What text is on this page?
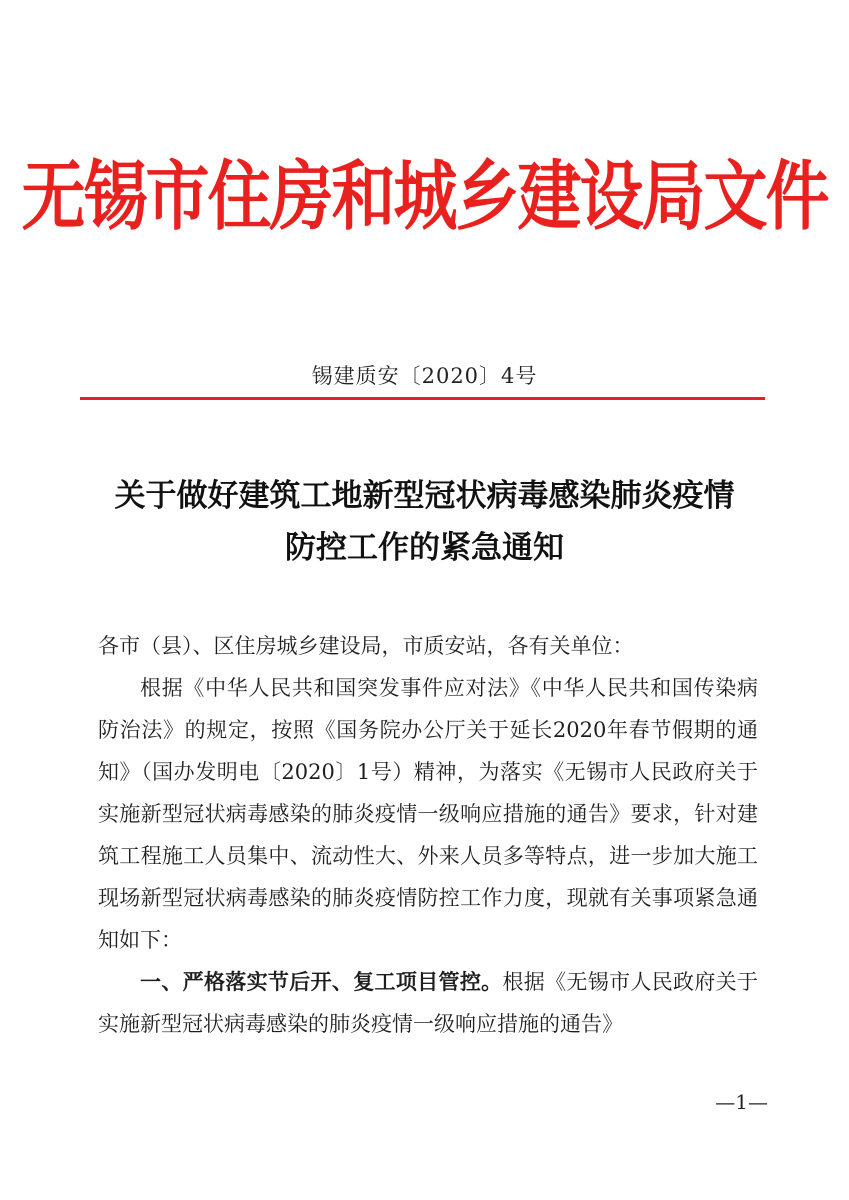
无锡市住房和城乡建设局文件
锡建质安〔2020〕4号
关于做好建筑工地新型冠状病毒感染肺炎疫情
防控工作的紧急通知

各市（县）、区住房城乡建设局，市质安站，各有关单位：

根据《中华人民共和国突发事件应对法》《中华人民共和国传染病防治法》的规定，按照《国务院办公厅关于延长2020年春节假期的通知》（国办发明电〔2020〕1号）精神，为落实《无锡市人民政府关于实施新型冠状病毒感染的肺炎疫情一级响应措施的通告》要求，针对建筑工程施工人员集中、流动性大、外来人员多等特点，进一步加大施工现场新型冠状病毒感染的肺炎疫情防控工作力度，现就有关事项紧急通知如下：

一、严格落实节后开、复工项目管控。根据《无锡市人民政府关于实施新型冠状病毒感染的肺炎疫情一级响应措施的通告》

—1—
